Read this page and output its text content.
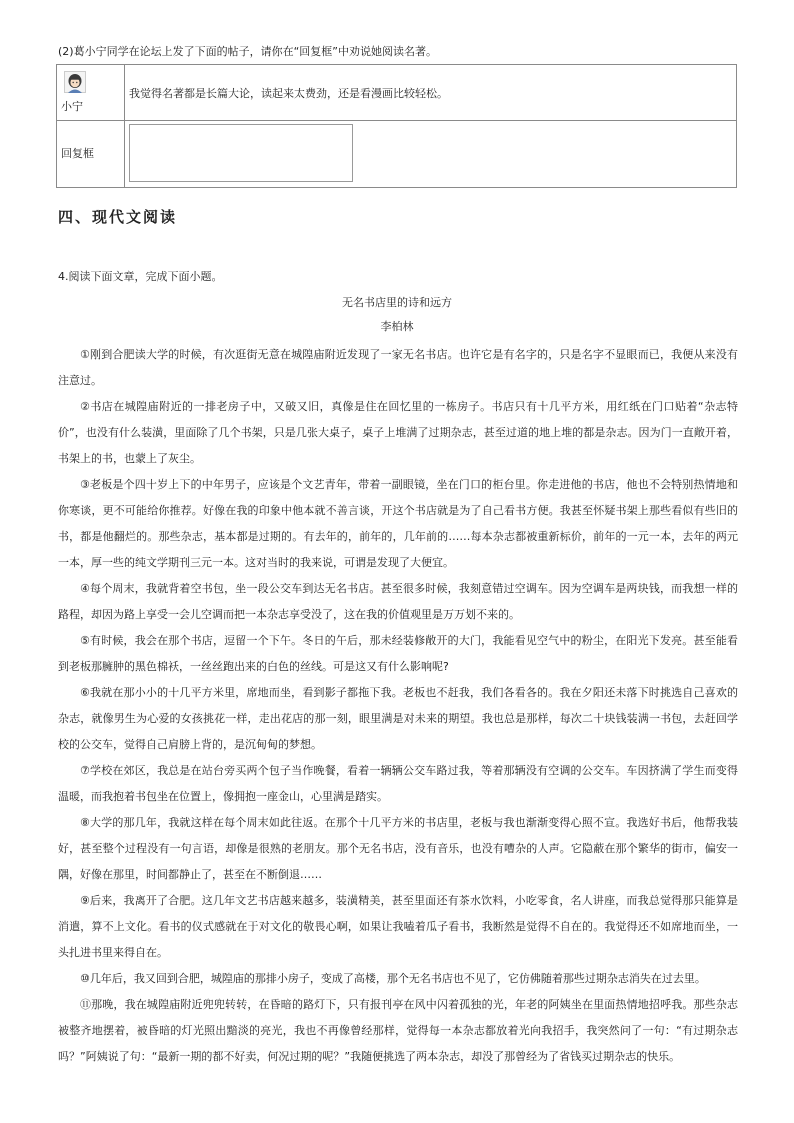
(2)葛小宁同学在论坛上发了下面的帖子，请你在“回复框”中劝说她阅读名著。
小宁	我觉得名著都是长篇大论，读起来太费劲，还是看漫画比较轻松。

回复框	

四、现代文阅读
4.阅读下面文章，完成下面小题。
无名书店里的诗和远方
李柏林

①刚到合肥读大学的时候，有次逛街无意在城隍庙附近发现了一家无名书店。也许它是有名字的，只是名字不显眼而已，我便从来没有注意过。

②书店在城隍庙附近的一排老房子中，又破又旧，真像是住在回忆里的一栋房子。书店只有十几平方米，用红纸在门口贴着“杂志特价”，也没有什么装潢，里面除了几个书架，只是几张大桌子，桌子上堆满了过期杂志，甚至过道的地上堆的都是杂志。因为门一直敞开着，书架上的书，也蒙上了灰尘。

③老板是个四十岁上下的中年男子，应该是个文艺青年，带着一副眼镜，坐在门口的柜台里。你走进他的书店，他也不会特别热情地和你寒谈，更不可能给你推荐。好像在我的印象中他本就不善言谈，开这个书店就是为了自己看书方便。我甚至怀疑书架上那些看似有些旧的书，都是他翻烂的。那些杂志，基本都是过期的。有去年的，前年的，几年前的……每本杂志都被重新标价，前年的一元一本，去年的两元一本，厚一些的纯文学期刊三元一本。这对当时的我来说，可谓是发现了大便宜。

④每个周末，我就背着空书包，坐一段公交车到达无名书店。甚至很多时候，我刻意错过空调车。因为空调车是两块钱，而我想一样的路程，却因为路上享受一会儿空调而把一本杂志享受没了，这在我的价值观里是万万划不来的。

⑤有时候，我会在那个书店，逗留一个下午。冬日的午后，那未经装修敞开的大门，我能看见空气中的粉尘，在阳光下发亮。甚至能看到老板那臃肿的黑色棉袄，一丝丝跑出来的白色的丝线。可是这又有什么影响呢?

⑥我就在那小小的十几平方米里，席地而坐，看到影子都拖下我。老板也不赶我，我们各看各的。我在夕阳还未落下时挑选自己喜欢的杂志，就像男生为心爱的女孩挑花一样，走出花店的那一刻，眼里满是对未来的期望。我也总是那样，每次二十块钱装满一书包，去赶回学校的公交车，觉得自己肩膀上背的，是沉甸甸的梦想。

⑦学校在郊区，我总是在站台旁买两个包子当作晚餐，看着一辆辆公交车路过我，等着那辆没有空调的公交车。车因挤满了学生而变得温暖，而我抱着书包坐在位置上，像拥抱一座金山，心里满是踏实。

⑧大学的那几年，我就这样在每个周末如此往返。在那个十几平方米的书店里，老板与我也渐渐变得心照不宣。我选好书后，他帮我装好，甚至整个过程没有一句言语，却像是很熟的老朋友。那个无名书店，没有音乐，也没有嘈杂的人声。它隐蔽在那个繁华的街市，偏安一隅，好像在那里，时间都静止了，甚至在不断倒退……

⑨后来，我离开了合肥。这几年文艺书店越来越多，装潢精美，甚至里面还有茶水饮料，小吃零食，名人讲座，而我总觉得那只能算是消遣，算不上文化。看书的仪式感就在于对文化的敬畏心啊，如果让我嗑着瓜子看书，我断然是觉得不自在的。我觉得还不如席地而坐，一头扎进书里来得自在。

⑩几年后，我又回到合肥，城隍庙的那排小房子，变成了高楼，那个无名书店也不见了，它仿佛随着那些过期杂志消失在过去里。

⑪那晚，我在城隍庙附近兜兜转转，在昏暗的路灯下，只有报刊亭在风中闪着孤独的光，年老的阿姨坐在里面热情地招呼我。那些杂志被整齐地摆着，被昏暗的灯光照出黯淡的亮光，我也不再像曾经那样，觉得每一本杂志都放着光向我招手，我突然问了一句：“有过期杂志吗？”阿姨说了句：“最新一期的都不好卖，何况过期的呢？”我随便挑选了两本杂志，却没了那曾经为了省钱买过期杂志的快乐。
